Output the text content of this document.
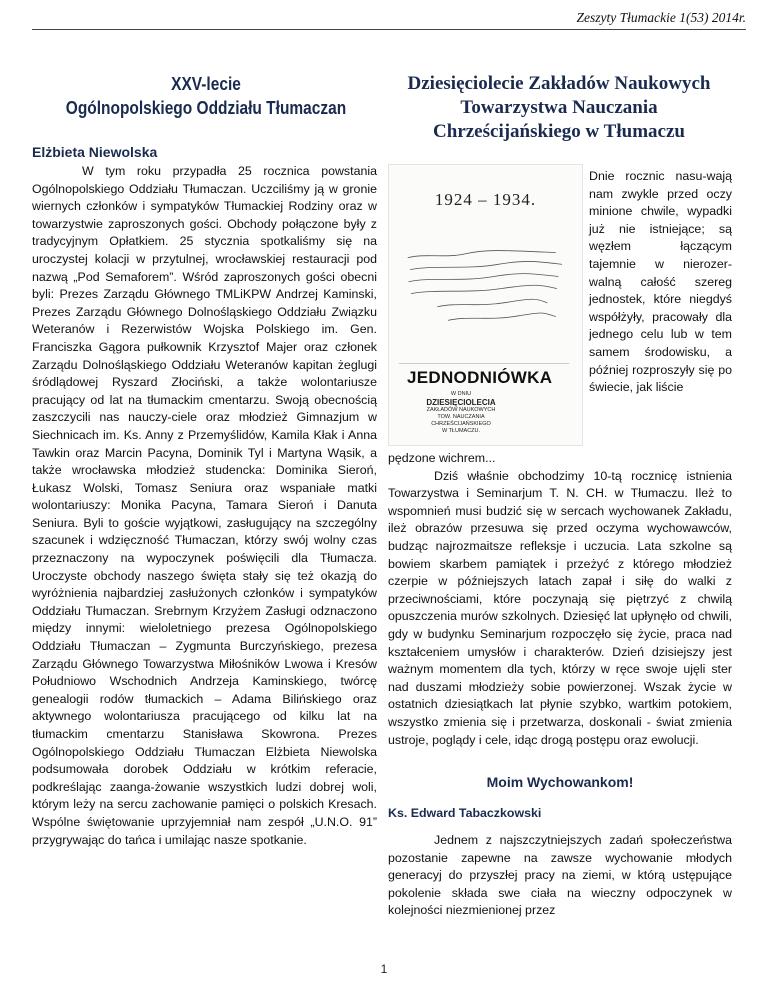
Zeszyty Tłumackie 1(53) 2014r.
XXV-lecie
Ogólnopolskiego Oddziału Tłumaczan
Elżbieta Niewolska

W tym roku przypadła 25 rocznica powstania Ogólnopolskiego Oddziału Tłumaczan. Uczciliśmy ją w gronie wiernych członków i sympatyków Tłumackiej Rodziny oraz w towarzystwie zaproszonych gości. Obchody połączone były z tradycyjnym Opłatkiem. 25 stycznia spotkaliśmy się na uroczystej kolacji w przytulnej, wrocławskiej restauracji pod nazwą „Pod Semaforem”. Wśród zaproszonych gości obecni byli: Prezes Zarządu Głównego TMLiKPW Andrzej Kaminski, Prezes Zarządu Głównego Dolnośląskiego Oddziału Związku Weteranów i Rezerwistów Wojska Polskiego im. Gen. Franciszka Gągora pułkownik Krzysztof Majer oraz członek Zarządu Dolnośląskiego Oddziału Weteranów kapitan żeglugi śródlądowej Ryszard Złociński, a także wolontariusze pracujący od lat na tłumackim cmentarzu. Swoją obecnością zaszczycili nas nauczy-ciele oraz młodzież Gimnazjum w Siechnicach im. Ks. Anny z Przemyślidów, Kamila Kłak i Anna Tawkin oraz Marcin Pacyna, Dominik Tyl i Martyna Wąsik, a także wrocławska młodzież studencka: Dominika Sieroń, Łukasz Wolski, Tomasz Seniura oraz wspaniałe matki wolontariuszy: Monika Pacyna, Tamara Sieroń i Danuta Seniura. Byli to goście wyjątkowi, zasługujący na szczególny szacunek i wdzięczność Tłumaczan, którzy swój wolny czas przeznaczony na wypoczynek poświęcili dla Tłumacza. Uroczyste obchody naszego święta stały się też okazją do wyróżnienia najbardziej zasłużonych członków i sympatyków Oddziału Tłumaczan. Srebrnym Krzyżem Zasługi odznaczono między innymi: wieloletniego prezesa Ogólnopolskiego Oddziału Tłumaczan – Zygmunta Burczyńskiego, prezesa Zarządu Głównego Towarzystwa Miłośników Lwowa i Kresów Południowo Wschodnich Andrzeja Kaminskiego, twórcę genealogii rodów tłumackich – Adama Bilińskiego oraz aktywnego wolontariusza pracującego od kilku lat na tłumackim cmentarzu Stanisława Skowrona. Prezes Ogólnopolskiego Oddziału Tłumaczan Elżbieta Niewolska podsumowała dorobek Oddziału w krótkim referacie, podkreślając zaanga-żowanie wszystkich ludzi dobrej woli, którym leży na sercu zachowanie pamięci o polskich Kresach. Wspólne świętowanie uprzyjemniał nam zespół „U.N.O. 91” przygrywając do tańca i umilając nasze spotkanie.

Dziesięciolecie Zakładów Naukowych
Towarzystwa Nauczania
Chrześcijańskiego w Tłumaczu
1924 – 1934.
JEDNODNIÓWKA
W DNIU
DZIESIĘCIOLECIA
ZAKŁADÓW NAUKOWYCH
TOW. NAUCZANIA CHRZEŚCIJAŃSKIEGO
W TŁUMACZU.

Dnie rocznic nasu-wają nam zwykle przed oczy minione chwile, wypadki już nie istniejące; są węzłem łączącym tajemnie w nierozer-walną całość szereg jednostek, które niegdyś współżyły, pracowały dla jednego celu lub w tem samem środowisku, a później rozproszyły się po świecie, jak liście

pędzone wichrem...

Dziś właśnie obchodzimy 10-tą rocznicę istnienia Towarzystwa i Seminarjum T. N. CH. w Tłumaczu. Ileż to wspomnień musi budzić się w sercach wychowanek Zakładu, ileż obrazów przesuwa się przed oczyma wychowawców, budząc najrozmaitsze refleksje i uczucia. Lata szkolne są bowiem skarbem pamiątek i przeżyć z którego młodzież czerpie w późniejszych latach zapał i siłę do walki z przeciwnościami, które poczynają się piętrzyć z chwilą opuszczenia murów szkolnych. Dziesięć lat upłynęło od chwili, gdy w budynku Seminarjum rozpoczęło się życie, praca nad kształceniem umysłów i charakterów. Dzień dzisiejszy jest ważnym momentem dla tych, którzy w ręce swoje ujęli ster nad duszami młodzieży sobie powierzonej. Wszak życie w ostatnich dziesiątkach lat płynie szybko, wartkim potokiem, wszystko zmienia się i przetwarza, doskonali - świat zmienia ustroje, poglądy i cele, idąc drogą postępu oraz ewolucji.

Moim Wychowankom!
Ks. Edward Tabaczkowski

Jednem z najszczytniejszych zadań społeczeństwa pozostanie zapewne na zawsze wychowanie młodych generacyj do przyszłej pracy na ziemi, w którą ustępujące pokolenie składa swe ciała na wieczny odpoczynek w kolejności niezmienionej przez

1
